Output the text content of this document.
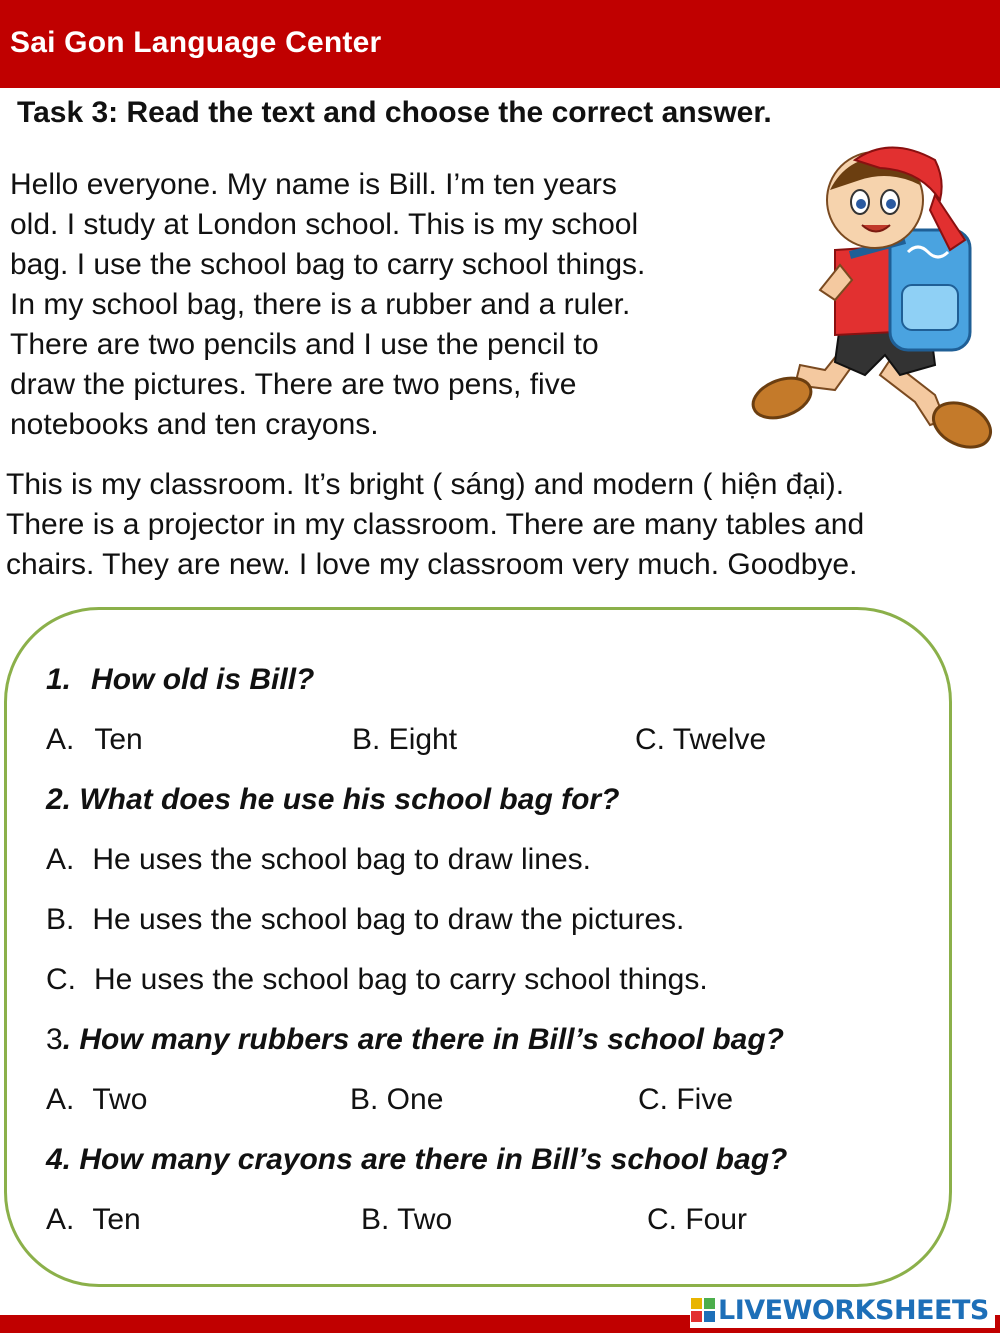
Sai Gon Language Center
Task 3: Read the text and choose the correct answer.
Hello everyone. My name is Bill. I’m ten years
old. I study at London school. This is my school
bag. I use the school bag to carry school things.
In my school bag, there is a rubber and a ruler.
There are two pencils and I use the pencil to
draw the pictures. There are two pens, five
notebooks and ten crayons.
This is my classroom. It’s bright ( sáng) and modern ( hiện đại).
There is a projector in my classroom. There are many tables and
chairs. They are new. I love my classroom very much. Goodbye.
1. How old is Bill?
A. Ten	B. Eight	C. Twelve
2. What does he use his school bag for?
A. He uses the school bag to draw lines.
B. He uses the school bag to draw the pictures.
C. He uses the school bag to carry school things.
3. How many rubbers are there in Bill’s school bag?
A. Two	B. One	C. Five
4. How many crayons are there in Bill’s school bag?
A. Ten	B. Two	C. Four
LIVEWORKSHEETS
